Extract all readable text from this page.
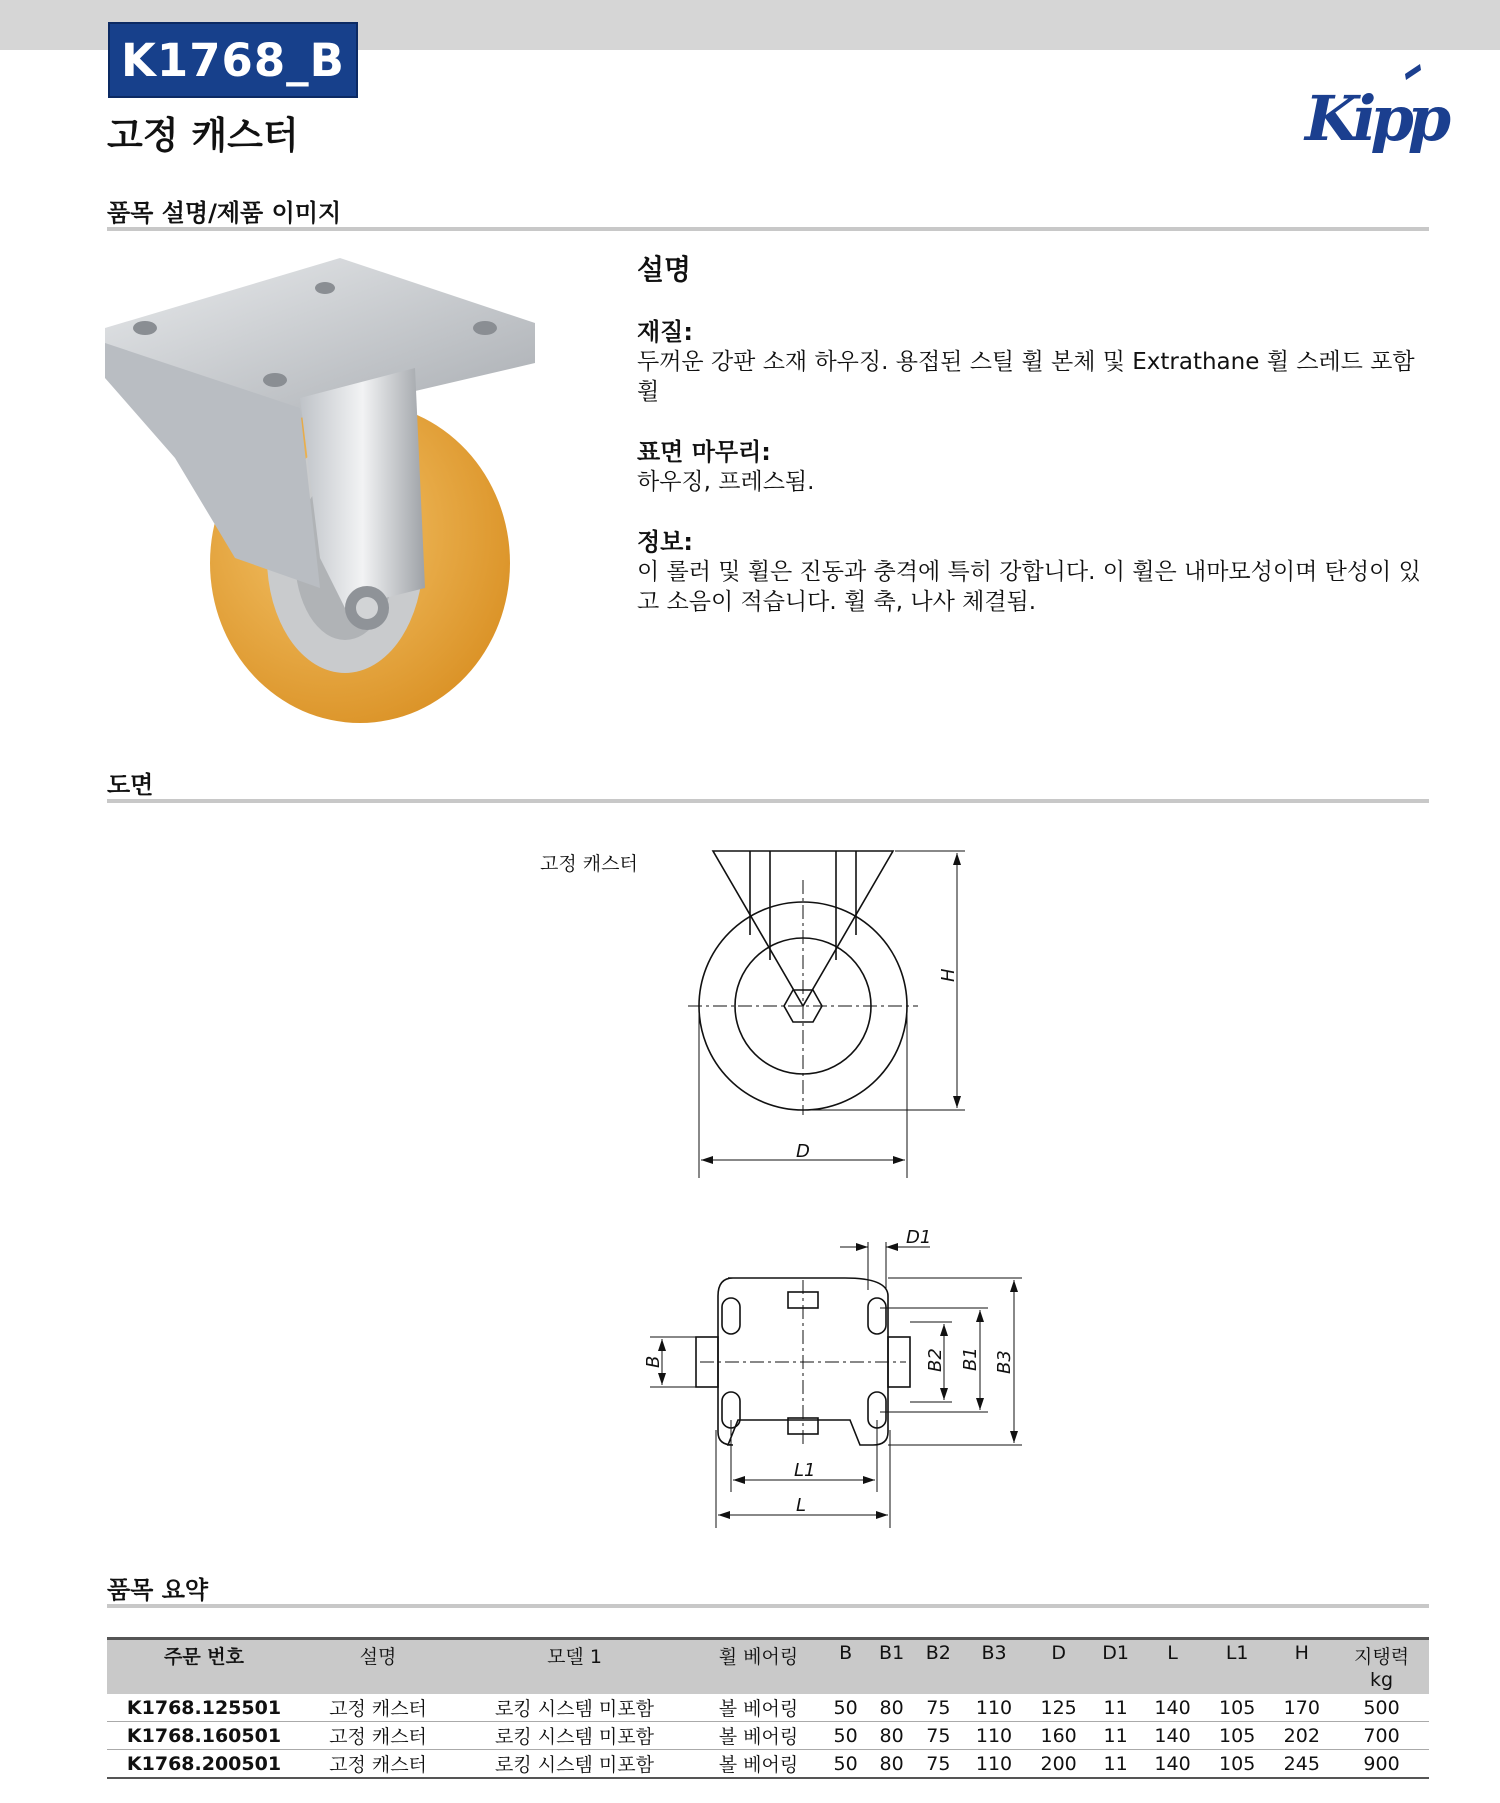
K1768_B
고정 캐스터	Kipp
품목 설명/제품 이미지
설명
재질:

두꺼운 강판 소재 하우징. 용접된 스틸 휠 본체 및 Extrathane 휠 스레드 포함 휠

표면 마무리:

하우징, 프레스됨.

정보:

이 롤러 및 휠은 진동과 충격에 특히 강합니다. 이 휠은 내마모성이며 탄성이 있고 소음이 적습니다. 휠 축, 나사 체결됨.

도면
고정 캐스터
H
D
D1
B3
B1
B2
B
L1
L
품목 요약
주문 번호	설명	모델 1	휠 베어링	B	B1	B2	B3	D	D1	L	L1	H	지탱력
kg
K1768.125501	고정 캐스터	로킹 시스템 미포함	볼 베어링	50	80	75	110	125	11	140	105	170	500
K1768.160501	고정 캐스터	로킹 시스템 미포함	볼 베어링	50	80	75	110	160	11	140	105	202	700
K1768.200501	고정 캐스터	로킹 시스템 미포함	볼 베어링	50	80	75	110	200	11	140	105	245	900
